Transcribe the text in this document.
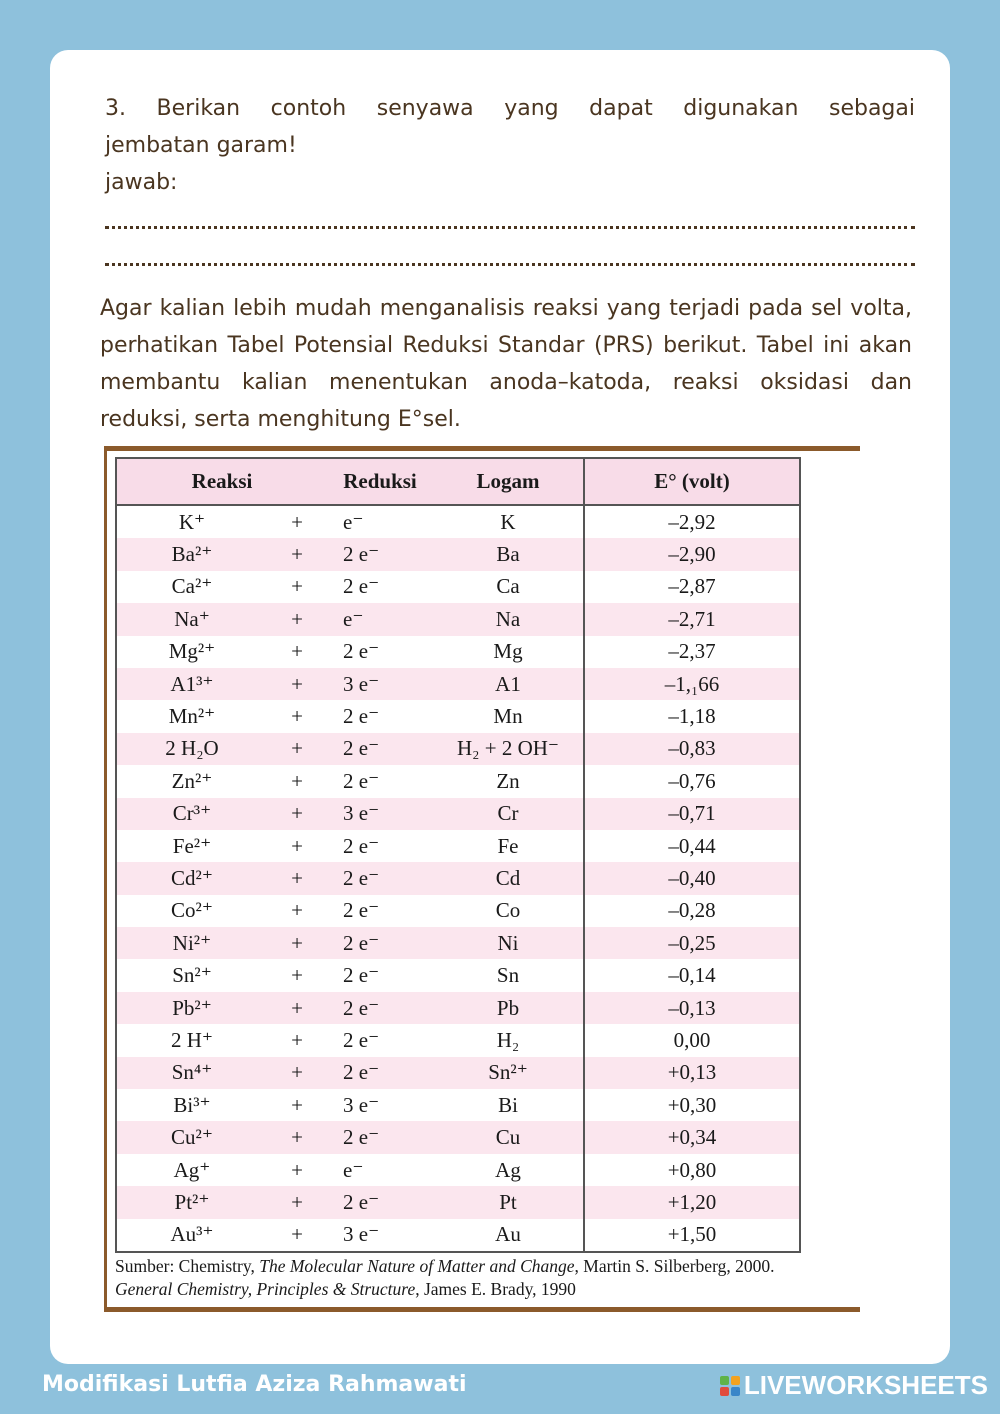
3. Berikan contoh senyawa yang dapat digunakan sebagai
jembatan garam!
jawab:
Agar kalian lebih mudah menganalisis reaksi yang terjadi pada sel volta, perhatikan Tabel Potensial Reduksi Standar (PRS) berikut. Tabel ini akan membantu kalian menentukan anoda–katoda, reaksi oksidasi dan reduksi, serta menghitung E°sel.
Reaksi		Reduksi	Logam	E° (volt)
K⁺	+	e⁻	K	–2,92
Ba²⁺	+	2 e⁻	Ba	–2,90
Ca²⁺	+	2 e⁻	Ca	–2,87
Na⁺	+	e⁻	Na	–2,71
Mg²⁺	+	2 e⁻	Mg	–2,37
A1³⁺	+	3 e⁻	A1	–1,₁66
Mn²⁺	+	2 e⁻	Mn	–1,18
2 H₂O	+	2 e⁻	H₂ + 2 OH⁻	–0,83
Zn²⁺	+	2 e⁻	Zn	–0,76
Cr³⁺	+	3 e⁻	Cr	–0,71
Fe²⁺	+	2 e⁻	Fe	–0,44
Cd²⁺	+	2 e⁻	Cd	–0,40
Co²⁺	+	2 e⁻	Co	–0,28
Ni²⁺	+	2 e⁻	Ni	–0,25
Sn²⁺	+	2 e⁻	Sn	–0,14
Pb²⁺	+	2 e⁻	Pb	–0,13
2 H⁺	+	2 e⁻	H₂	0,00
Sn⁴⁺	+	2 e⁻	Sn²⁺	+0,13
Bi³⁺	+	3 e⁻	Bi	+0,30
Cu²⁺	+	2 e⁻	Cu	+0,34
Ag⁺	+	e⁻	Ag	+0,80
Pt²⁺	+	2 e⁻	Pt	+1,20
Au³⁺	+	3 e⁻	Au	+1,50
Sumber: Chemistry, The Molecular Nature of Matter and Change, Martin S. Silberberg, 2000.
General Chemistry, Principles & Structure, James E. Brady, 1990
Modifikasi Lutfia Aziza Rahmawati	LIVEWORKSHEETS
